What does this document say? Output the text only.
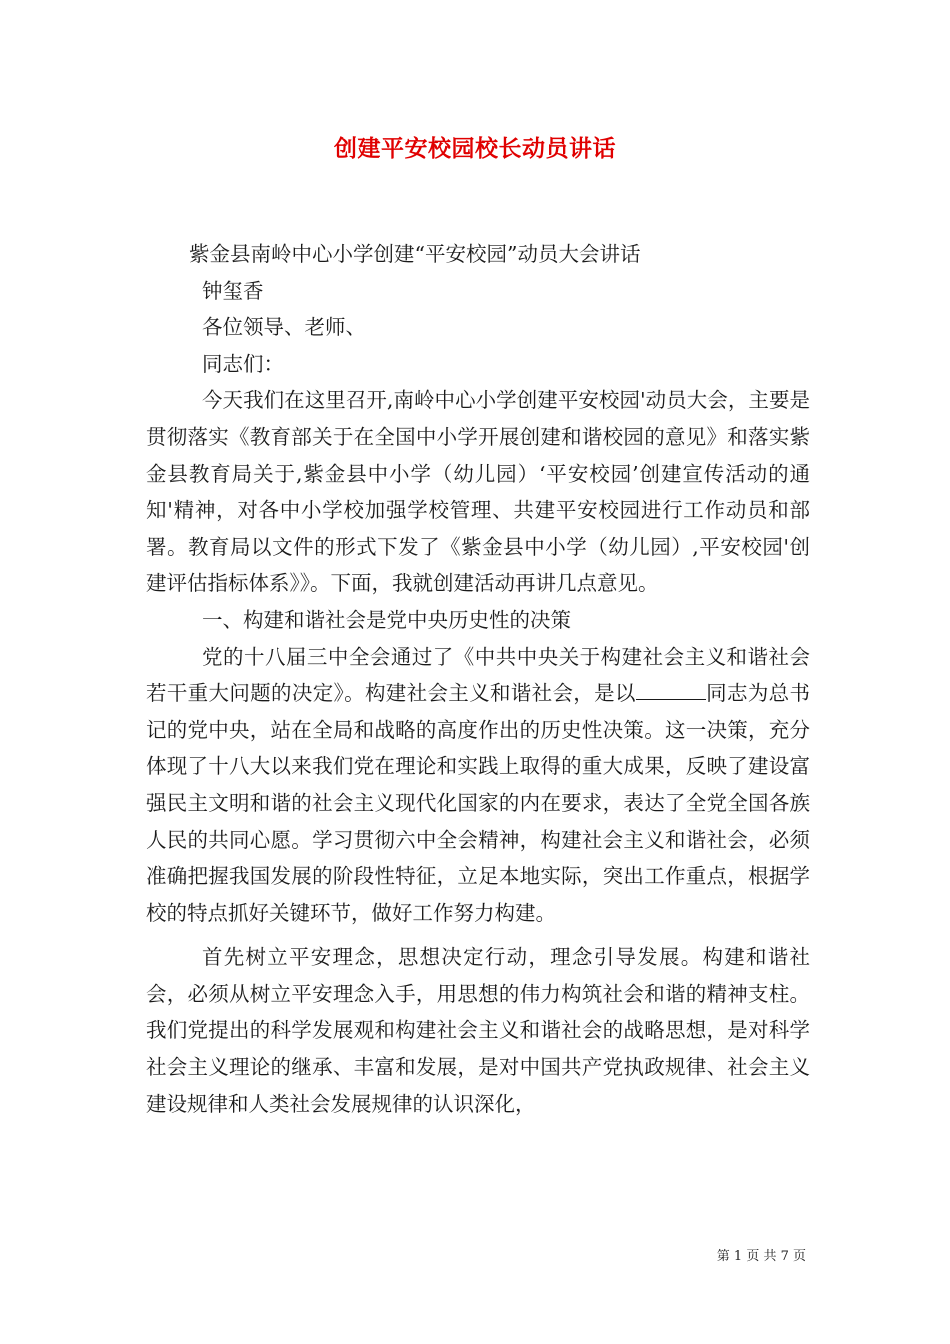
创建平安校园校长动员讲话

紫金县南岭中心小学创建“平安校园”动员大会讲话

钟玺香

各位领导、老师、

同志们：

今天我们在这里召开,南岭中心小学创建平安校园'动员大会，主要是贯彻落实《教育部关于在全国中小学开展创建和谐校园的意见》和落实紫金县教育局关于,紫金县中小学（幼儿园）‘平安校园’创建宣传活动的通知'精神，对各中小学校加强学校管理、共建平安校园进行工作动员和部署。教育局以文件的形式下发了《紫金县中小学（幼儿园）,平安校园'创建评估指标体系》》。下面，我就创建活动再讲几点意见。

一、构建和谐社会是党中央历史性的决策

党的十八届三中全会通过了《中共中央关于构建社会主义和谐社会若干重大问题的决定》。构建社会主义和谐社会，是以	同志为总书记的党中央，站在全局和战略的高度作出的历史性决策。这一决策，充分体现了十八大以来我们党在理论和实践上取得的重大成果，反映了建设富强民主文明和谐的社会主义现代化国家的内在要求，表达了全党全国各族人民的共同心愿。学习贯彻六中全会精神，构建社会主义和谐社会，必须准确把握我国发展的阶段性特征，立足本地实际，突出工作重点，根据学校的特点抓好关键环节，做好工作努力构建。

首先树立平安理念，思想决定行动，理念引导发展。构建和谐社会，必须从树立平安理念入手，用思想的伟力构筑社会和谐的精神支柱。我们党提出的科学发展观和构建社会主义和谐社会的战略思想，是对科学社会主义理论的继承、丰富和发展，是对中国共产党执政规律、社会主义建设规律和人类社会发展规律的认识深化，

第 1 页 共 7 页
